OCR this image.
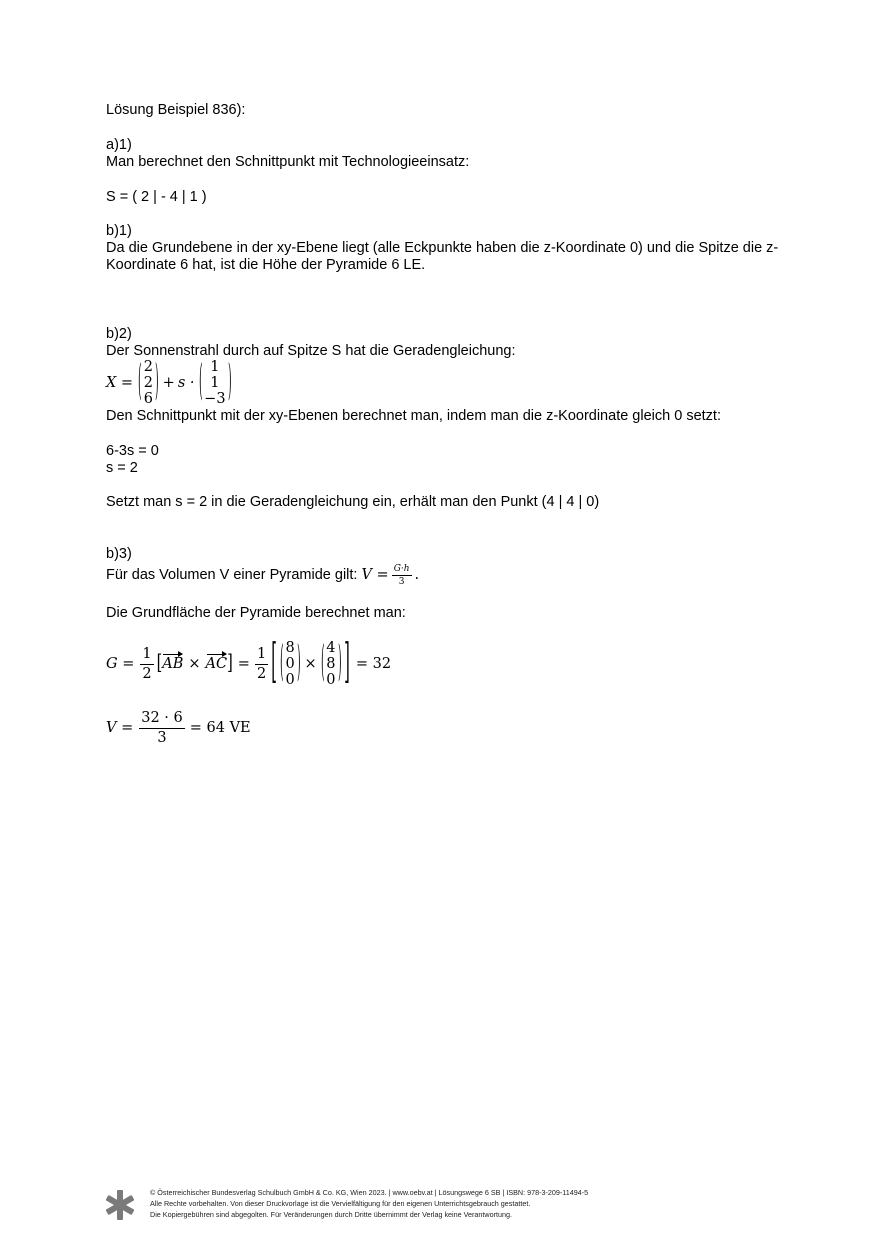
Lösung Beispiel 836):
a)1)
Man berechnet den Schnittpunkt mit Technologieeinsatz:
S = ( 2 | - 4 | 1 )
b)1)
Da die Grundebene in der xy-Ebene liegt (alle Eckpunkte haben die z-Koordinate 0) und die Spitze die z-Koordinate 6 hat, ist die Höhe der Pyramide 6 LE.
b)2)
Der Sonnenstrahl durch auf Spitze S hat die Geradengleichung:
X = ( 2
2
6 ) + s · ( 1
1
−3 )
Den Schnittpunkt mit der xy-Ebenen berechnet man, indem man die z-Koordinate gleich 0 setzt:
6-3s = 0
s = 2
Setzt man s = 2 in die Geradengleichung ein, erhält man den Punkt (4 | 4 | 0)
b)3)
Für das Volumen V einer Pyramide gilt: $V = \frac{G\cdot h}{3}$ .
Die Grundfläche der Pyramide berechnet man:
$G = \frac{1}{2}$ [ AB × AC ] = $\frac{1}{2}$ [ ( 8
0
0 ) × ( 4
8
0 ) ] = 32
$V = \frac{32 \cdot 6}{3} = 64$ VE
© Österreichischer Bundesverlag Schulbuch GmbH & Co. KG, Wien 2023. | www.oebv.at | Lösungswege 6 SB | ISBN: 978-3-209-11494-5
Alle Rechte vorbehalten. Von dieser Druckvorlage ist die Vervielfältigung für den eigenen Unterrichtsgebrauch gestattet.
Die Kopiergebühren sind abgegolten. Für Veränderungen durch Dritte übernimmt der Verlag keine Verantwortung.
